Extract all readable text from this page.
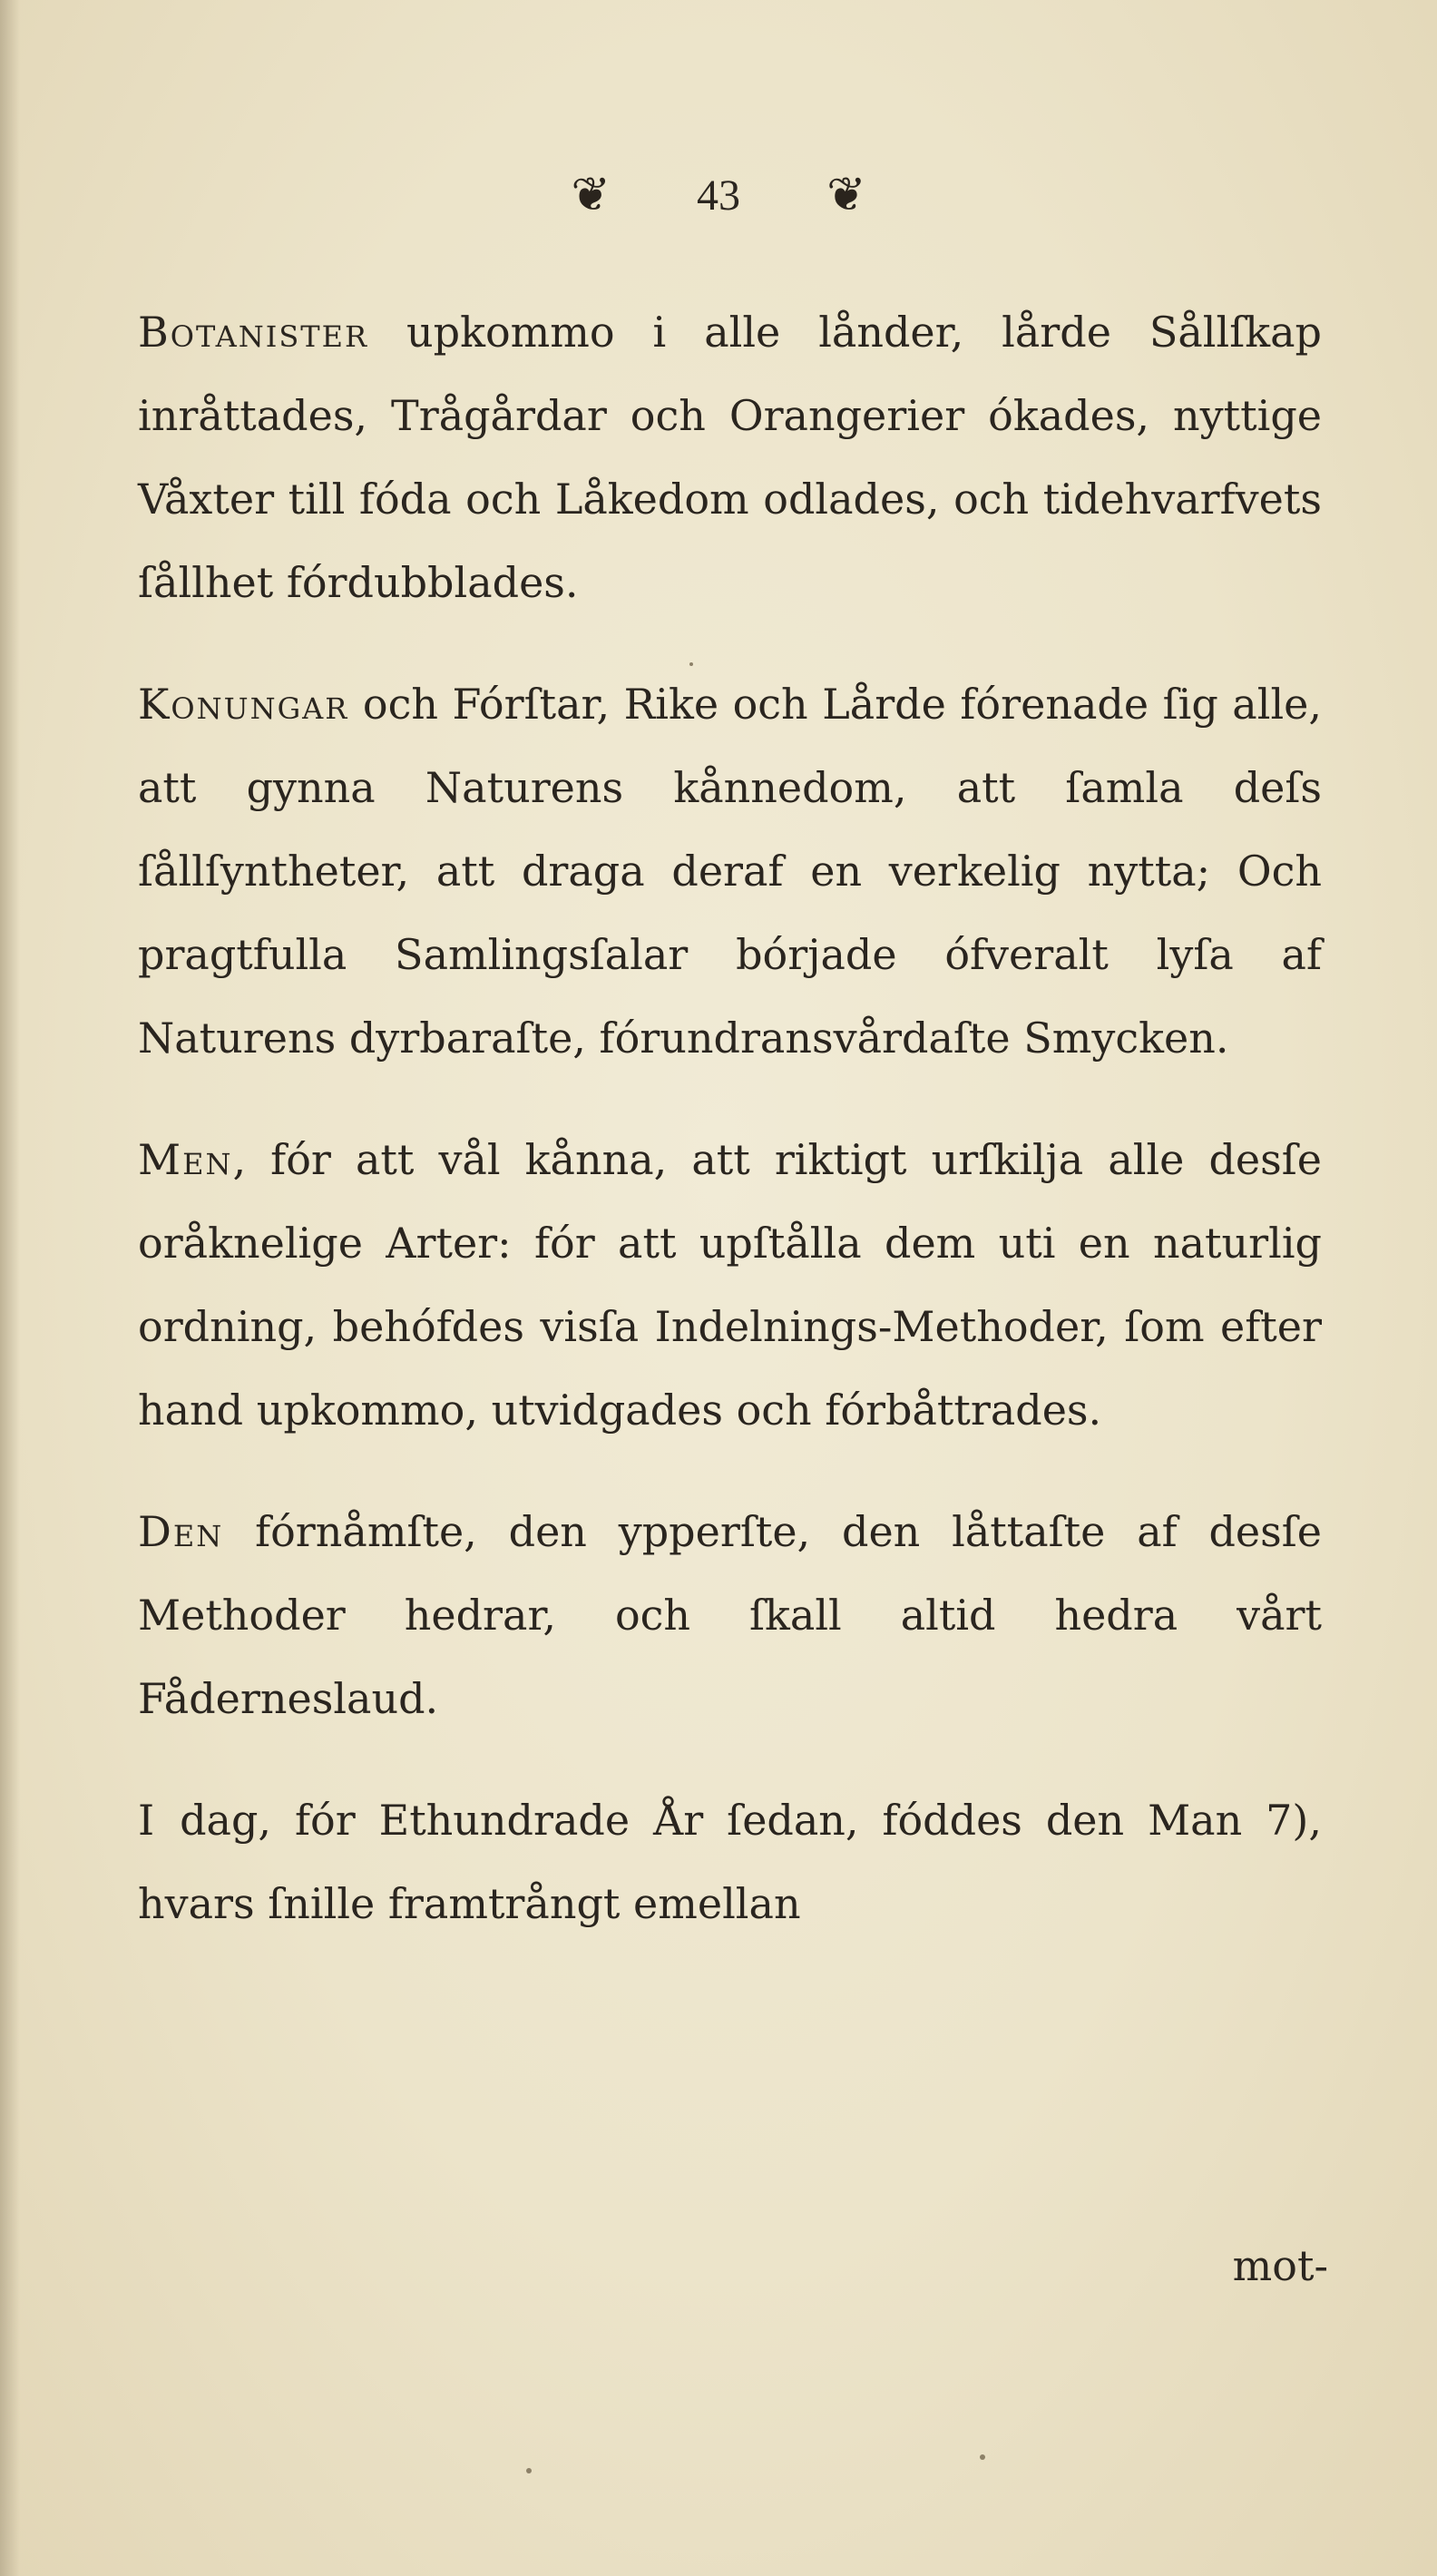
❦ 43 ❦

Botanister upkommo i alle lånder, lårde Sållſkap inråttades, Trågårdar och Orangerier ókades, nyttige Våxter till fóda och Låkedom odlades, och tidehvarfvets ſållhet fórdubblades.

Konungar och Fórſtar, Rike och Lårde fórenade ſig alle, att gynna Naturens kånnedom, att ſamla deſs ſållſyntheter, att draga deraf en verkelig nytta; Och pragtfulla Samlingsſalar bórjade ófveralt lyſa af Naturens dyrbaraſte, fórundransvårdaſte Smycken.

Men, fór att vål kånna, att riktigt urſkilja alle desſe oråknelige Arter: fór att upſtålla dem uti en naturlig ordning, behófdes visſa Indelnings-Methoder, ſom efter hand upkommo, utvidgades och fórbåttrades.

Den fórnåmſte, den ypperſte, den låttaſte af desſe Methoder hedrar, och ſkall altid hedra vårt Fåderneslaud.

I dag, fór Ethundrade År ſedan, fóddes den Man 7), hvars ſnille framtrångt emellan

mot-
